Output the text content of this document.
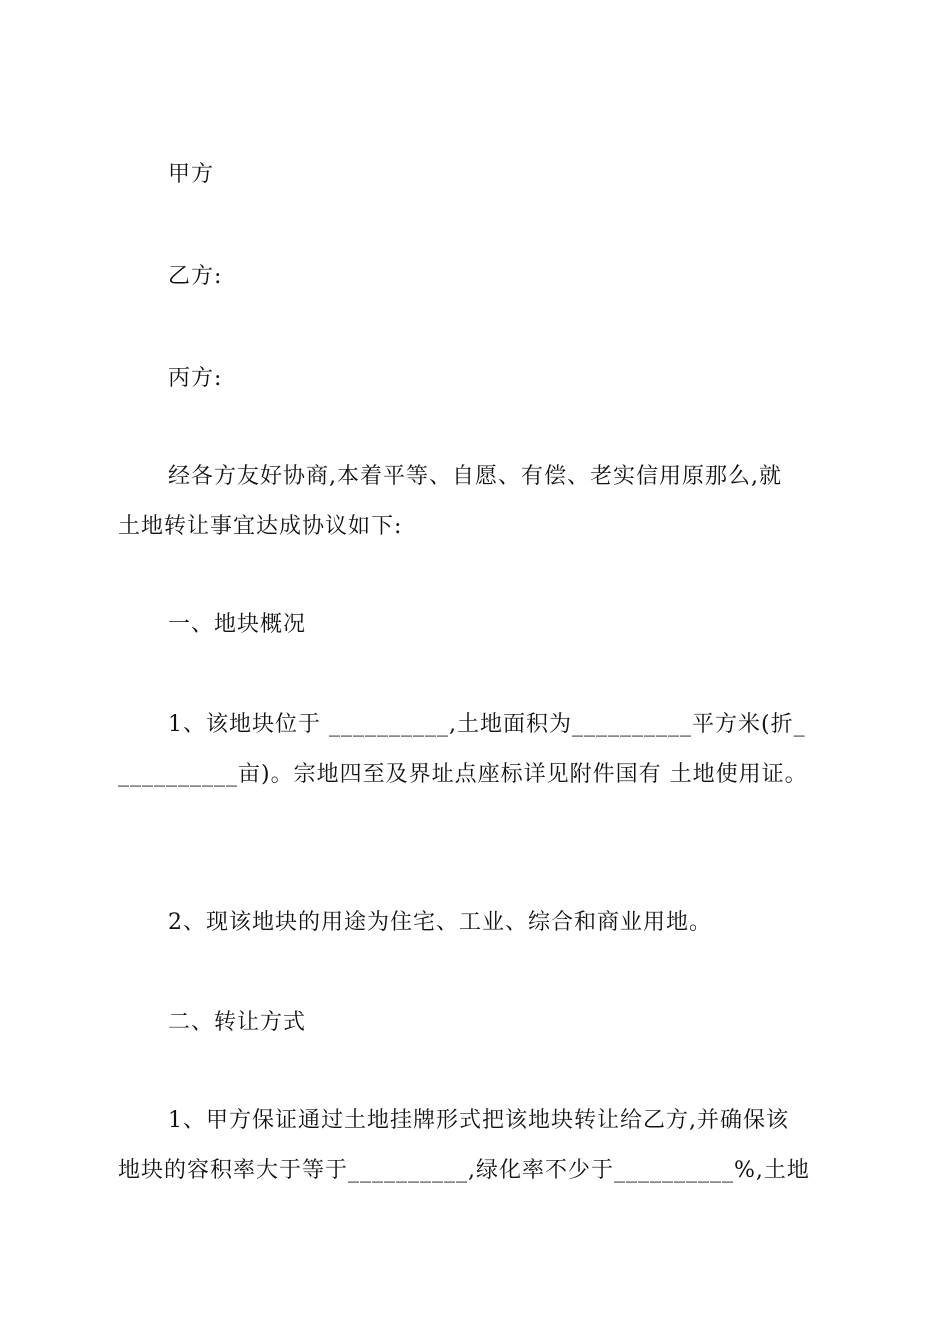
甲方
乙方:
丙方:
经各方友好协商,本着平等、自愿、有偿、老实信用原那么,就
土地转让事宜达成协议如下:
一、地块概况
1、该地块位于 __________,土地面积为__________平方米(折_
__________亩)。宗地四至及界址点座标详见附件国有 土地使用证。
2、现该地块的用途为住宅、工业、综合和商业用地。
二、转让方式
1、甲方保证通过土地挂牌形式把该地块转让给乙方,并确保该
地块的容积率大于等于__________,绿化率不少于__________%,土地
